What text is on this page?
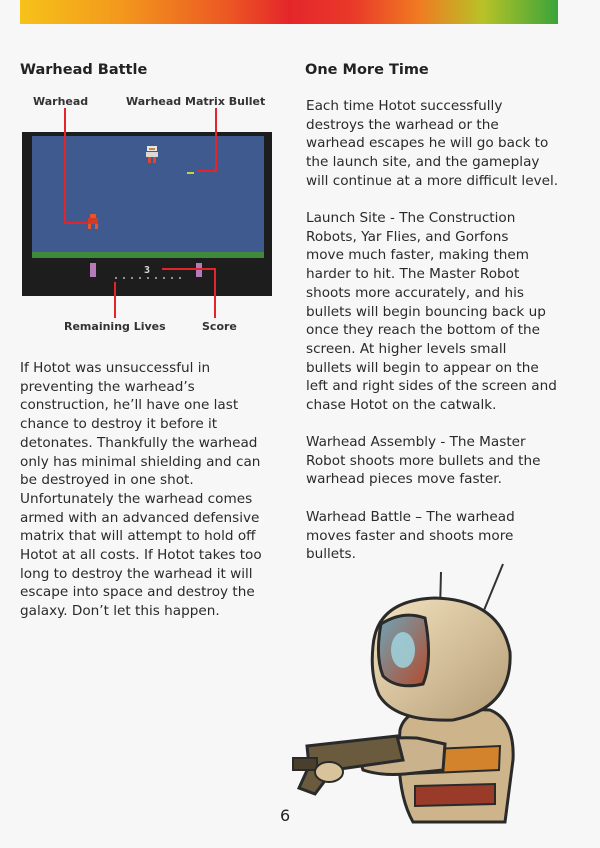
Warhead Battle
Warhead	Warhead Matrix Bullet
3
Remaining Lives	Score
If Hotot was unsuccessful in
preventing the warhead’s
construction, he’ll have one last
chance to destroy it before it
detonates. Thankfully the warhead
only has minimal shielding and can
be destroyed in one shot.
Unfortunately the warhead comes
armed with an advanced defensive
matrix that will attempt to hold off
Hotot at all costs. If Hotot takes too
long to destroy the warhead it will
escape into space and destroy the
galaxy. Don’t let this happen.
One More Time
Each time Hotot successfully
destroys the warhead or the
warhead escapes he will go back to
the launch site, and the gameplay
will continue at a more difficult level.
Launch Site - The Construction
Robots, Yar Flies, and Gorfons
move much faster, making them
harder to hit. The Master Robot
shoots more accurately, and his
bullets will begin bouncing back up
once they reach the bottom of the
screen. At higher levels small
bullets will begin to appear on the
left and right sides of the screen and
chase Hotot on the catwalk.
Warhead Assembly - The Master
Robot shoots more bullets and the
warhead pieces move faster.
Warhead Battle – The warhead
moves faster and shoots more
bullets.
6
